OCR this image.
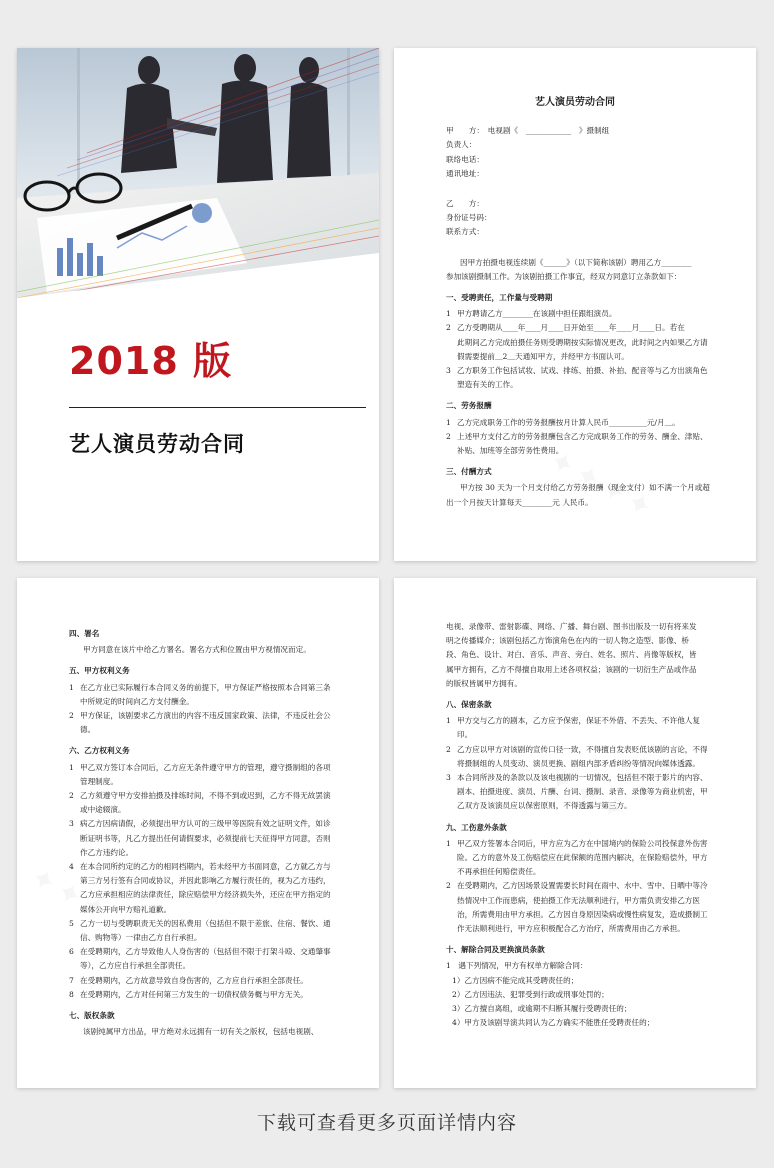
2018 版
艺人演员劳动合同
艺人演员劳动合同
甲　　方：　电视剧《　____________　》摄制组
负责人：
联络电话：
通讯地址：
乙　　方：
身份证号码：
联系方式：
因甲方拍摄电视连续剧《______》（以下简称该剧）聘用乙方________
参加该剧摄制工作。为该剧拍摄工作事宜，经双方同意订立条款如下：
一、受聘责任，工作量与受聘期
1 甲方聘请乙方________在该剧中担任跟组演员。
2 乙方受聘期从____年____月____日开始至____年____月____日。若在
此期间乙方完成拍摄任务则受聘期按实际情况更改，此时间之内如果乙方请
假需要提前＿2＿天通知甲方，并经甲方书面认可。
3 乙方职务工作包括试妆、试戏、排练、拍摄、补拍、配音等与乙方出演角色
塑造有关的工作。
二、劳务报酬
1 乙方完成职务工作的劳务报酬按月计算人民币__________元/月＿。
2 上述甲方支付乙方的劳务报酬包含乙方完成职务工作的劳务、酬金、津贴、
补贴、加班等全部劳务性费用。
三、付酬方式
甲方按 30 天为一个月支付给乙方劳务报酬（现金支付）如不满一个月或超
出一个月按天计算每天________元 人民币。
四、署名
甲方同意在该片中给乙方署名。署名方式和位置由甲方视情况而定。
五、甲方权利义务
1 在乙方业已实际履行本合同义务的前提下，甲方保证严格按照本合同第三条
中所规定的时间向乙方支付酬金。
2 甲方保证，该剧要求乙方演出的内容不违反国家政策、法律，不违反社会公
德。
六、乙方权利义务
1 甲乙双方签订本合同后，乙方应无条件遵守甲方的管理，遵守摄制组的各项
管理制度。
2 乙方须遵守甲方安排拍摄及排练时间，不得不到或迟到，乙方不得无故罢演
或中途辍演。
3 病乙方因病请假，必须提出甲方认可的三级甲等医院有效之证明文件，如诊
断证明书等，凡乙方提出任何请假要求，必须提前七天征得甲方同意，否则
作乙方违约论。
4 在本合同所约定的乙方的相同档期内，若未经甲方书面同意，乙方就乙方与
第三方另行签有合同或协议，并因此影响乙方履行责任的，视为乙方违约，
乙方应承担相应的法律责任，除应赔偿甲方经济损失外，还应在甲方指定的
媒体公开向甲方赔礼道歉。
5 乙方一切与受聘职责无关的因私费用（包括但不限于差旅、住宿、餐饮、通
信、购物等）一律由乙方自行承担。
6 在受聘期内，乙方导致他人人身伤害的（包括但不限于打架斗殴、交通肇事
等），乙方应自行承担全部责任。
7 在受聘期内，乙方故意导致自身伤害的，乙方应自行承担全部责任。
8 在受聘期内，乙方对任何第三方发生的一切债权债务概与甲方无关。
七、版权条款
该剧纯属甲方出品，甲方绝对永远拥有一切有关之版权，包括电视剧、
电视、录像带、雷射影碟、网络、广播、舞台剧、图书出版及一切有将来发
明之传播媒介；该剧包括乙方饰演角色在内的一切人物之造型、影像、桥
段、角色、设计、对白、音乐、声音、旁白、姓名、照片、肖像等版权，皆
属甲方拥有，乙方不得擅自取用上述各项权益；该剧的一切衍生产品或作品
的版权皆属甲方拥有。
八、保密条款
1 甲方交与乙方的剧本，乙方应予保密，保证不外借、不丢失、不许他人复
印。
2 乙方应以甲方对该剧的宣传口径一致，不得擅自发表贬低该剧的言论，不得
将摄制组的人员变动、演员更换、剧组内部矛盾纠纷等情况向媒体透露。
3 本合同所涉及的条款以及该电视剧的一切情况，包括但不限于影片的内容、
剧本、拍摄进度、演员、片酬、台词、摄制、录音、录像等为商业机密，甲
乙双方及该演员应以保密原则，不得透露与第三方。
九、工伤意外条款
1 甲乙双方签署本合同后，甲方应为乙方在中国境内的保险公司投保意外伤害
险。乙方的意外及工伤赔偿应在此保额的范围内解决，在保险赔偿外，甲方
不再承担任何赔偿责任。
2 在受聘期内，乙方因场景设置需要长时间在雨中、水中、雪中、日晒中等冷
热情况中工作而患病，使拍摄工作无法顺利进行，甲方需负责安排乙方医
治，所需费用由甲方承担。乙方因自身原因染病或慢性病复发，造成摄制工
作无法顺利进行，甲方应积极配合乙方治疗，所需费用由乙方承担。
十、解除合同及更换演员条款
1　遇下列情况，甲方有权单方解除合同：
1）乙方因病不能完成其受聘责任的；
2）乙方因违法、犯罪受到行政或刑事处罚的；
3）乙方擅自离组，或逾期不归断其履行受聘责任的；
4）甲方及该剧导演共同认为乙方确实不能胜任受聘责任的；
下载可查看更多页面详情内容
